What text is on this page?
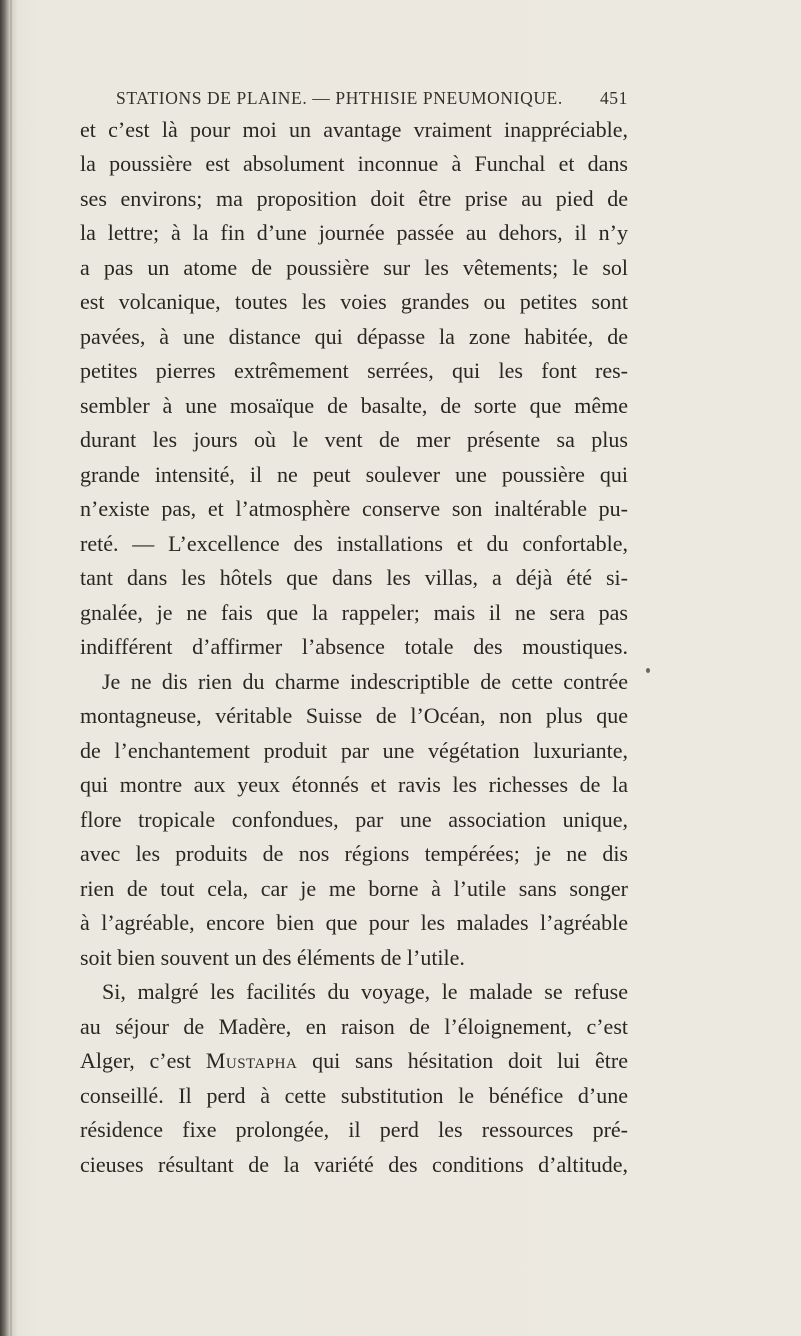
STATIONS DE PLAINE. — PHTHISIE PNEUMONIQUE. 451
et c’est là pour moi un avantage vraiment inappréciable,
la poussière est absolument inconnue à Funchal et dans
ses environs; ma proposition doit être prise au pied de
la lettre; à la fin d’une journée passée au dehors, il n’y
a pas un atome de poussière sur les vêtements; le sol
est volcanique, toutes les voies grandes ou petites sont
pavées, à une distance qui dépasse la zone habitée, de
petites pierres extrêmement serrées, qui les font res-
sembler à une mosaïque de basalte, de sorte que même
durant les jours où le vent de mer présente sa plus
grande intensité, il ne peut soulever une poussière qui
n’existe pas, et l’atmosphère conserve son inaltérable pu-
reté. — L’excellence des installations et du confortable,
tant dans les hôtels que dans les villas, a déjà été si-
gnalée, je ne fais que la rappeler; mais il ne sera pas
indifférent d’affirmer l’absence totale des moustiques.
Je ne dis rien du charme indescriptible de cette contrée
montagneuse, véritable Suisse de l’Océan, non plus que
de l’enchantement produit par une végétation luxuriante,
qui montre aux yeux étonnés et ravis les richesses de la
flore tropicale confondues, par une association unique,
avec les produits de nos régions tempérées; je ne dis
rien de tout cela, car je me borne à l’utile sans songer
à l’agréable, encore bien que pour les malades l’agréable
soit bien souvent un des éléments de l’utile.
Si, malgré les facilités du voyage, le malade se refuse
au séjour de Madère, en raison de l’éloignement, c’est
Alger, c’est Mustapha qui sans hésitation doit lui être
conseillé. Il perd à cette substitution le bénéfice d’une
résidence fixe prolongée, il perd les ressources pré-
cieuses résultant de la variété des conditions d’altitude,
